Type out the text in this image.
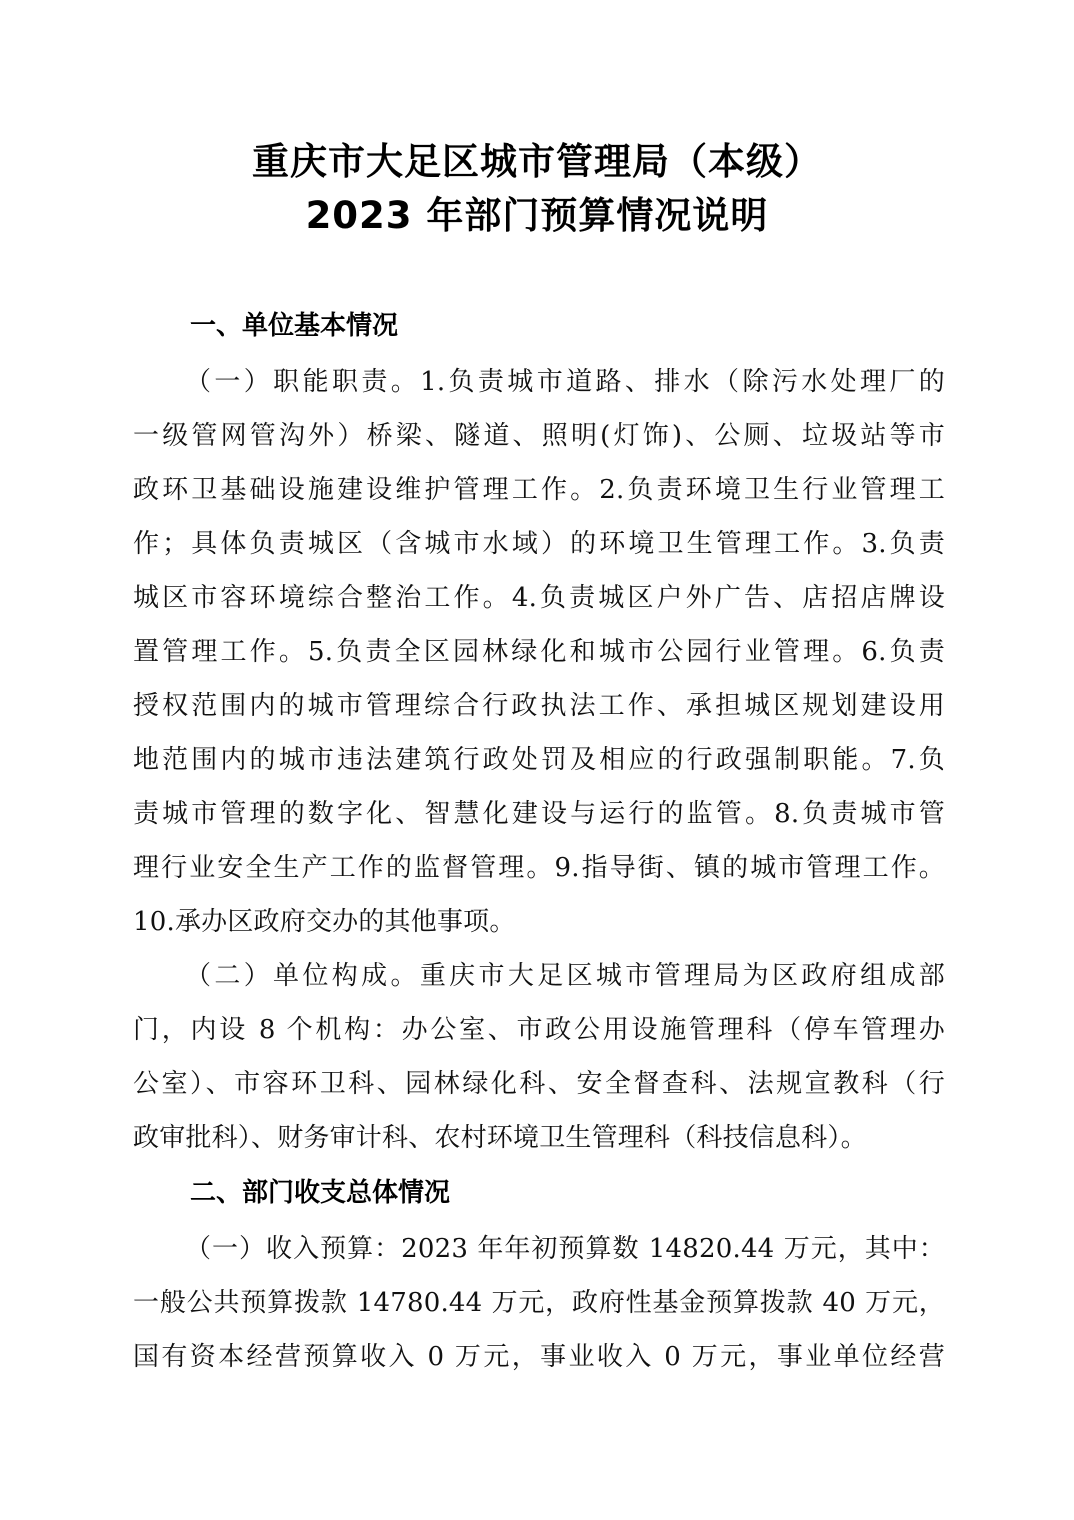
重庆市大足区城市管理局（本级）
2023 年部门预算情况说明
一、单位基本情况
（一）职能职责。1.负责城市道路、排水（除污水处理厂的
一级管网管沟外）桥梁、隧道、照明(灯饰)、公厕、垃圾站等市
政环卫基础设施建设维护管理工作。2.负责环境卫生行业管理工
作；具体负责城区（含城市水域）的环境卫生管理工作。3.负责
城区市容环境综合整治工作。4.负责城区户外广告、店招店牌设
置管理工作。5.负责全区园林绿化和城市公园行业管理。6.负责
授权范围内的城市管理综合行政执法工作、承担城区规划建设用
地范围内的城市违法建筑行政处罚及相应的行政强制职能。7.负
责城市管理的数字化、智慧化建设与运行的监管。8.负责城市管
理行业安全生产工作的监督管理。9.指导街、镇的城市管理工作。
10.承办区政府交办的其他事项。
（二）单位构成。重庆市大足区城市管理局为区政府组成部
门，内设 8 个机构：办公室、市政公用设施管理科（停车管理办
公室）、市容环卫科、园林绿化科、安全督查科、法规宣教科（行
政审批科）、财务审计科、农村环境卫生管理科（科技信息科）。
二、部门收支总体情况
（一）收入预算：2023 年年初预算数 14820.44 万元，其中：
一般公共预算拨款 14780.44 万元，政府性基金预算拨款 40 万元，
国有资本经营预算收入 0 万元，事业收入 0 万元，事业单位经营
